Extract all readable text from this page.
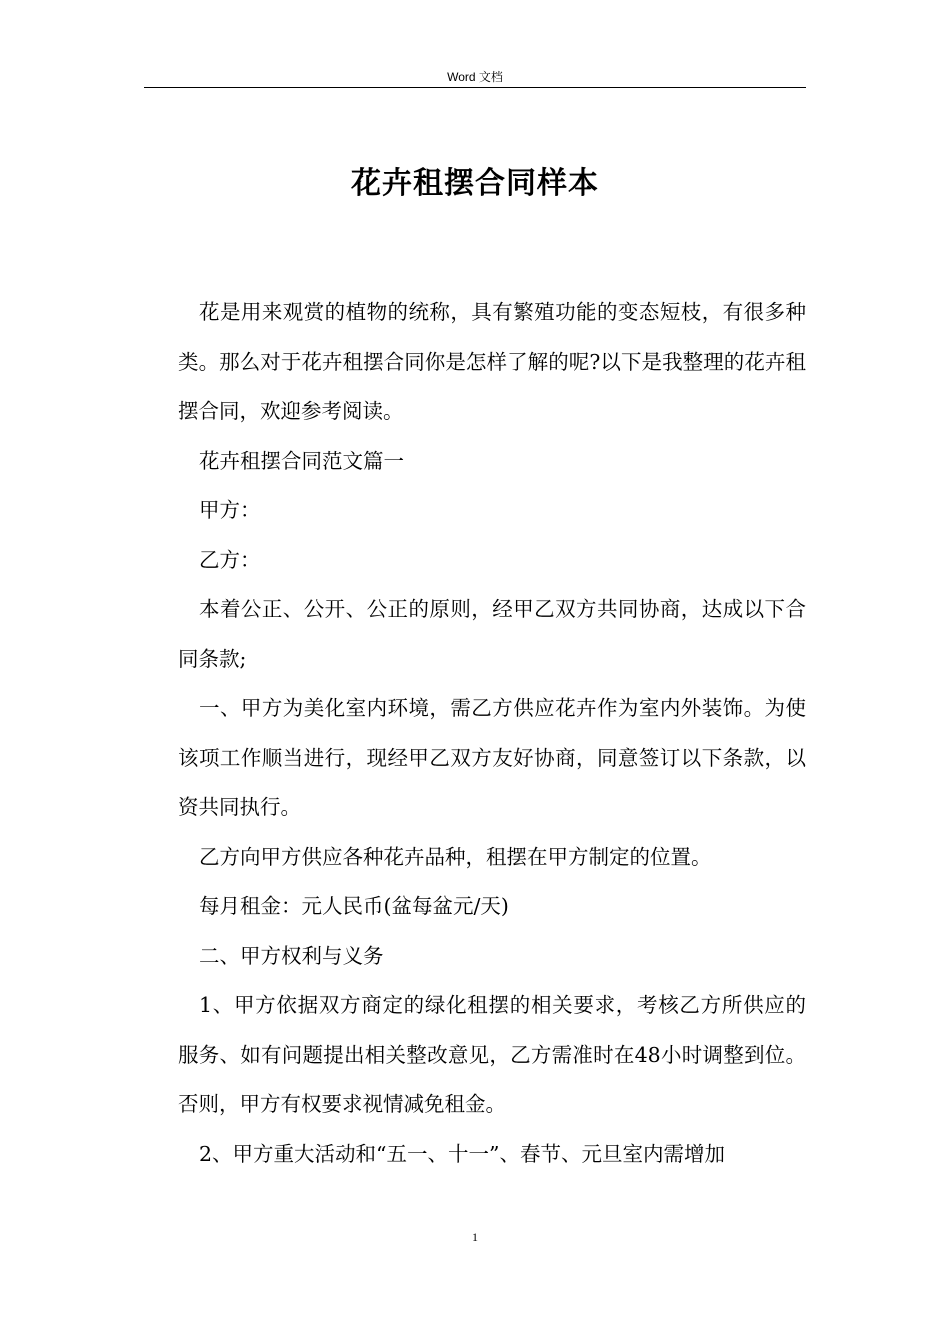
Word 文档
花卉租摆合同样本

花是用来观赏的植物的统称，具有繁殖功能的变态短枝，有很多种类。那么对于花卉租摆合同你是怎样了解的呢?以下是我整理的花卉租摆合同，欢迎参考阅读。

花卉租摆合同范文篇一

甲方：

乙方：

本着公正、公开、公正的原则，经甲乙双方共同协商，达成以下合同条款;

一、甲方为美化室内环境，需乙方供应花卉作为室内外装饰。为使该项工作顺当进行，现经甲乙双方友好协商，同意签订以下条款，以资共同执行。

乙方向甲方供应各种花卉品种，租摆在甲方制定的位置。

每月租金：元人民币(盆每盆元/天)

二、甲方权利与义务

1、甲方依据双方商定的绿化租摆的相关要求，考核乙方所供应的服务、如有问题提出相关整改意见，乙方需准时在48小时调整到位。否则，甲方有权要求视情减免租金。

2、甲方重大活动和“五一、十一”、春节、元旦室内需增加

1
